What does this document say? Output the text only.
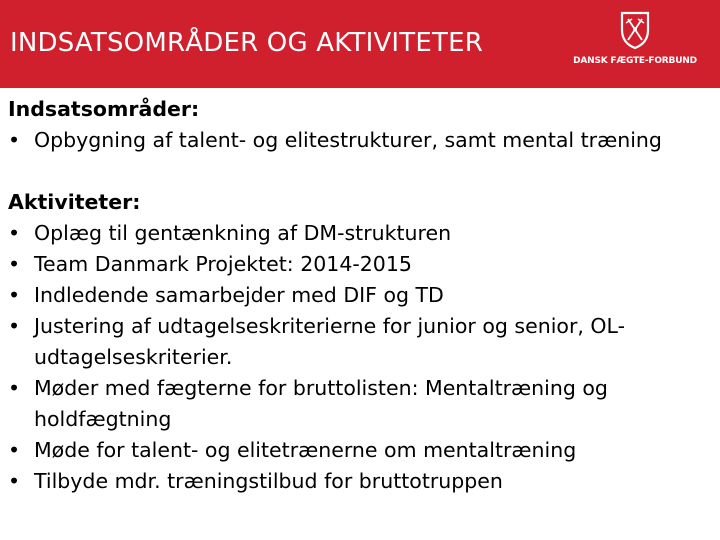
INDSATSOMRÅDER OG AKTIVITETER
DANSK FÆGTE-FORBUND

Indsatsområder:

• Opbygning af talent- og elitestrukturer, samt mental træning

Aktiviteter:

• Oplæg til gentænkning af DM-strukturen
• Team Danmark Projektet: 2014-2015
• Indledende samarbejder med DIF og TD
• Justering af udtagelseskriterierne for junior og senior, OL-
udtagelseskriterier.
• Møder med fægterne for bruttolisten: Mentaltræning og
holdfægtning
• Møde for talent- og elitetrænerne om mentaltræning
• Tilbyde mdr. træningstilbud for bruttotruppen
